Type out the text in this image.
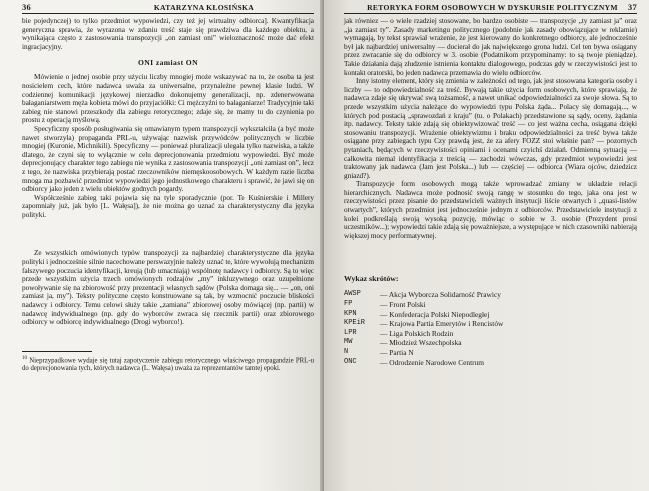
36	KATARZYNA KŁOSIŃSKA

bie pojedynczej) to tylko przedmiot wypowiedzi, czy też jej wirtualny odbiorca]. Kwantyfikacja generyczna sprawia, że wyrazona w zdaniu treść staje się prawdziwa dla każdego obiektu, a wynikająca często z zastosowania transpozycji „on zamiast oni” wieloznaczność może dać efekt ingracjacyjny.

ONI zamiast ON

Mówienie o jednej osobie przy użyciu liczby mnogiej może wskazywać na to, że osoba ta jest nosicielem cech, które nadawca uważa za uniwersalne, przynależne pewnej klasie ludzi. W codziennej komunikacji językowej nierzadko dokonujemy generalizacji, np. zdenerwowana bałaganiarstwem męża kobieta mówi do przyjaciółki: Ci mężczyźni to bałaganiarze! Tradycyjnie taki zabieg nie stanowi przeszkody dla zabiegu retorycznego; zdaje się, że mamy tu do czynienia po prostu z operacją myślową.

Specyficzny sposób posługiwania się omawianym typem transpozycji wykształciła (a być może nawet stworzyła) propaganda PRL-u, używając nazwisk przywódców politycznych w liczbie mnogiej (Kuronie, Michnikili). Specyficzny — ponieważ pluralizacji ulegała tylko nazwiska, a także dlatego, że czyni się to wyłącznie w celu deprecjonowania przedmiotu wypowiedzi. Być może deprecjonujący charakter tego zabiegu nie wynika z zastosowania transpozycji „oni zamiast on”, lecz z tego, że nazwiska przybierają postać rzeczowników niemęskoosobowych. W każdym razie liczba mnoga ma pozbawić przedmiot wypowiedzi jego jednostkowego charakteru i sprawić, że jawi się on odbiorcy jako jeden z wielu obiektów godnych pogardy.

Współcześnie zabieg taki pojawia się na tyle sporadycznie (por. Te Kuśnierskie i Millery zapomniały już, jak było [L. Wałęsa]), że nie można go uznać za charakterystyczny dla języka polityki.

Ze wszystkich omówionych typów transpozycji za najbardziej charakterystyczne dla języka polityki i jednocześnie silnie nacechowane perswazyjnie należy uznać te, które wywołują mechanizm fałszywego poczucia identyfikacji, kreują (lub umacniają) wspólnotę nadawcy i odbiorcy. Są to więc przede wszystkim użycia trzech omówionych rodzajów „my” inkluzywnego oraz uzupełnione powoływanie się na zbiorowość przy prezentacji własnych sądów (Polska domaga się... — „on, oni zamiast ja, my”). Teksty polityczne często konstruowane są tak, by wzmocnić poczucie bliskości nadawcy i odbiorcy. Temu celowi służy takie „zamiana” zbiorowej osoby mówiącej (np. partii) w nadawcę indywidualnego (np. gdy do wyborców zwraca się rzecznik partii) oraz zbiorowego odbiorcy w odbiorcę indywidualnego (Drogi wyborco!).

$^{10}$ Nieprzypadkowe wydaje się tutaj zapotyczenie zabiegu retorycznego właściwego propagandzie PRL-u do deprecjonowania tych, których nadawca (L. Wałęsa) uważa za reprezentantów tamtej epoki.

RETORYKA FORM OSOBOWYCH W DYSKURSIE POLITYCZNYM 37

jak równiez — o wiele rzadziej stosowane, bo bardzo osobiste — transpozycje „ty zamiast ja” oraz „ja zamiast ty”. Zasady marketingu politycznego (podobnie jak zasady obowiązujące w reklamie) wymagają, by tekst sprawiał wrażenie, że jest kierowany do konkretnego odbiorcy, ale jednocześnie był jak najbardziej uniwersalny — docierał do jak największego grona ludzi. Cel ten bywa osiągany przez zwracanie się do odbiorcy w 3. osobie (Podatnikom przypominamy: to są twoje pieniądze). Takie działania dają złudzenie istnienia kontaktu dialogowego, podczas gdy w rzeczywistości jest to kontakt oratorski, bo jeden nadawca przemawia do wielu odbiorców.

Inny istotny element, który się zmienia w zależności od tego, jak jest stosowana kategoria osoby i liczby — to odpowiedzialność za treść. Bywają takie użycia form osobowych, które sprawiają, że nadawca zdaje się ukrywać swą tożsamość, a nawet unikać odpowiedzialności za swoje słowa. Są to przede wszystkim użycia należące do wypowiedzi typu Polska żąda... Polacy się domagają..., w których pod postacią „sprawozdań z kraju” (tu. o Polakach) przedstawione są sądy, oceny, żądania itp. nadawcy. Teksty takie zdają się obiektywizować treść — co jest ważna cecha, osiągana dzięki stosowaniu transpozycji. Wrażenie obiektywizmu i braku odpowiedzialności za treść bywa także osiągane przy zabiegach typu Czy prawdą jest, że za afery FOZZ stoi właśnie pan? — pozornych pytaniach, będących w rzeczywistości opiniami i ocenami czyichś działań. Odmienną sytuacją — całkowita niemal identyfikacja z treścią — zachodzi wówczas, gdy przedmiot wypowiedzi jest traktowany jak nadawca (Jam jest Polska...) lub — częściej — odbiorca (Wiara ojców, dziedzicz gniazd?).

Transpozycje form osobowych mogą także wprowadzać zmiany w układzie relacji hierarchicznych. Nadawca może podnosić swoją rangę w stosunku do tego, jaka ona jest w rzeczywistości przez pisanie do przedstawicieli ważnych instytucji liście otwartych i „quasi-listów otwartych”, których przedmiot jest jednocześnie jednym z odbiorców. Przedstawiciele instytucji z kolei podkreślają swoją wysoką pozycję, mówiąc o sobie w 3. osobie (Prezydent prosi uczestników...); wypowiedzi takie zdają się poważniejsze, a występujące w nich czasowniki nabierają większej mocy performatywnej.

Wykaz skrótów:
AWSP	— Akcja Wyborcza Solidarność Prawicy
FP	— Front Polski
KPN	— Konfederacja Polski Niepodległej
KPEiR	— Krajowa Partia Emerytów i Rencistów
LPR	— Liga Polskich Rodzin
MW	— Młodzież Wszechpolska
N	— Partia N
ONC	— Odrodzenie Narodowe Centrum
